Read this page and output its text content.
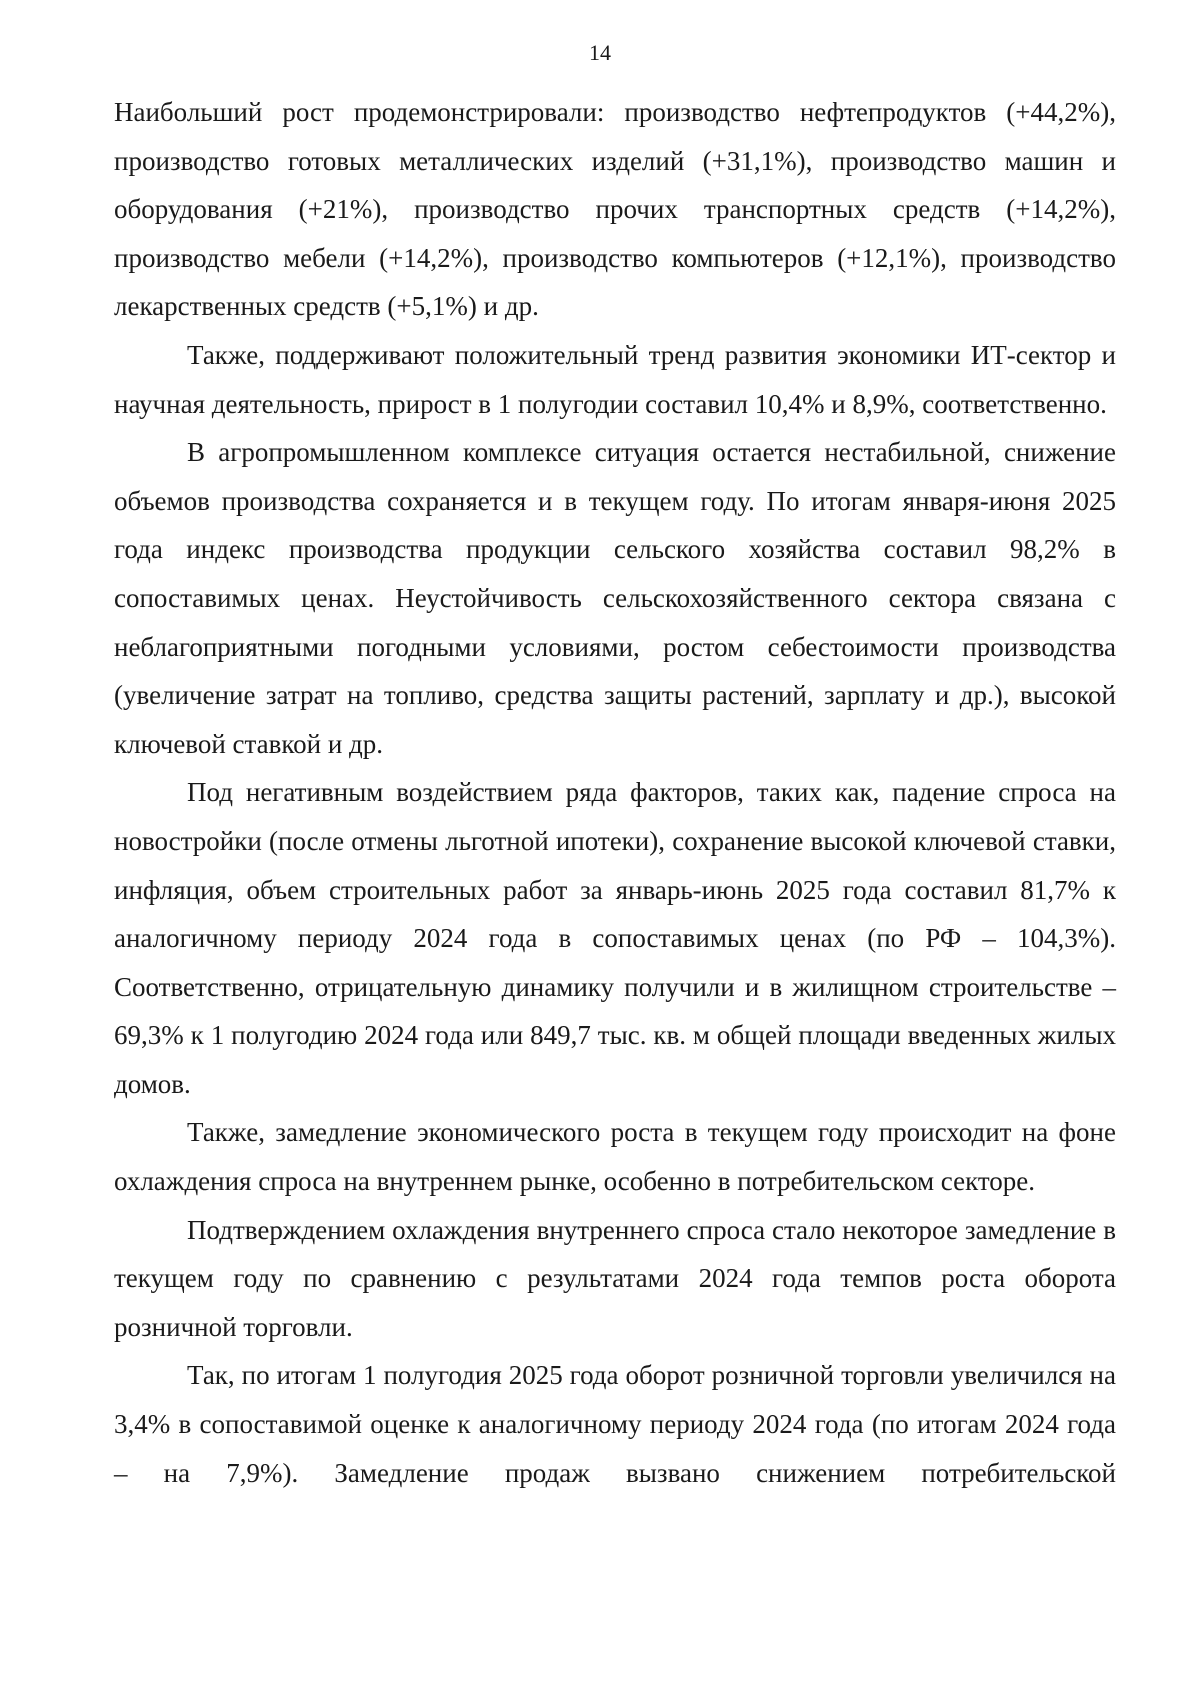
14

Наибольший рост продемонстрировали: производство нефтепродуктов (+44,2%), производство готовых металлических изделий (+31,1%), производство машин и оборудования (+21%), производство прочих транспортных средств (+14,2%), производство мебели (+14,2%), производство компьютеров (+12,1%), производство лекарственных средств (+5,1%) и др.

Также, поддерживают положительный тренд развития экономики ИТ-сектор и научная деятельность, прирост в 1 полугодии составил 10,4% и 8,9%, соответственно.

В агропромышленном комплексе ситуация остается нестабильной, снижение объемов производства сохраняется и в текущем году. По итогам января-июня 2025 года индекс производства продукции сельского хозяйства составил 98,2% в сопоставимых ценах. Неустойчивость сельскохозяйственного сектора связана с неблагоприятными погодными условиями, ростом себестоимости производства (увеличение затрат на топливо, средства защиты растений, зарплату и др.), высокой ключевой ставкой и др.

Под негативным воздействием ряда факторов, таких как, падение спроса на новостройки (после отмены льготной ипотеки), сохранение высокой ключевой ставки, инфляция, объем строительных работ за январь-июнь 2025 года составил 81,7% к аналогичному периоду 2024 года в сопоставимых ценах (по РФ – 104,3%). Соответственно, отрицательную динамику получили и в жилищном строительстве – 69,3% к 1 полугодию 2024 года или 849,7 тыс. кв. м общей площади введенных жилых домов.

Также, замедление экономического роста в текущем году происходит на фоне охлаждения спроса на внутреннем рынке, особенно в потребительском секторе.

Подтверждением охлаждения внутреннего спроса стало некоторое замедление в текущем году по сравнению с результатами 2024 года темпов роста оборота розничной торговли.

Так, по итогам 1 полугодия 2025 года оборот розничной торговли увеличился на 3,4% в сопоставимой оценке к аналогичному периоду 2024 года (по итогам 2024 года – на 7,9%). Замедление продаж вызвано снижением потребительской
